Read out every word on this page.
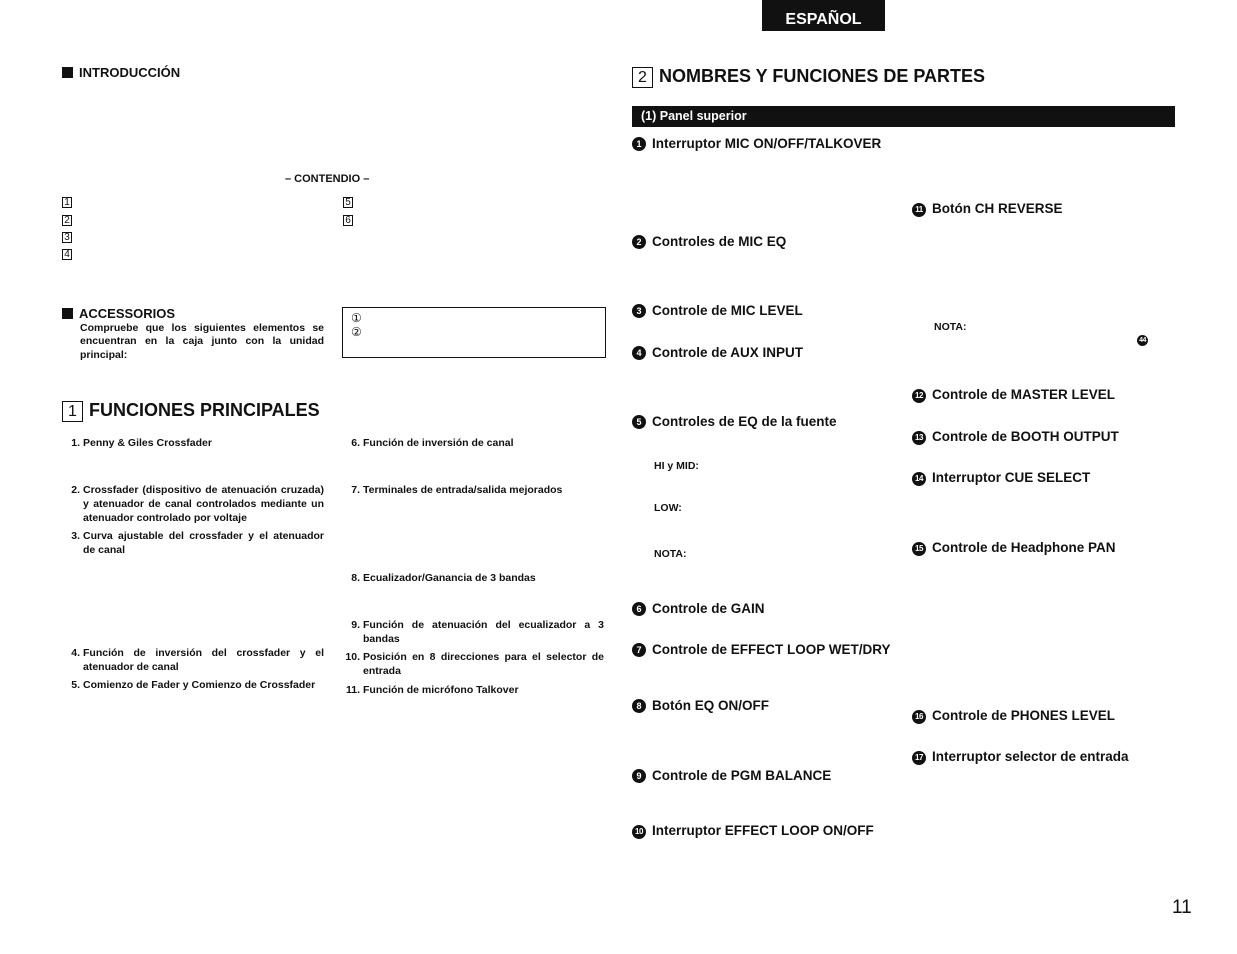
ESPAÑOL
INTRODUCCIÓN
– CONTENDIO –
1
2
3
4
5
6
ACCESSORIOS
Compruebe que los siguientes elementos se encuentran en la caja junto con la unidad principal:
①
②
1 FUNCIONES PRINCIPALES
1. Penny & Giles Crossfader
2. Crossfader (dispositivo de atenuación cruzada) y atenuador de canal controlados mediante un atenuador controlado por voltaje
3. Curva ajustable del crossfader y el atenuador de canal
4. Función de inversión del crossfader y el atenuador de canal
5. Comienzo de Fader y Comienzo de Crossfader
6. Función de inversión de canal
7. Terminales de entrada/salida mejorados
8. Ecualizador/Ganancia de 3 bandas
9. Función de atenuación del ecualizador a 3 bandas
10. Posición en 8 direcciones para el selector de entrada
11. Función de micrófono Talkover
2 NOMBRES Y FUNCIONES DE PARTES
(1) Panel superior
1 Interruptor MIC ON/OFF/TALKOVER
2 Controles de MIC EQ
3 Controle de MIC LEVEL
4 Controle de AUX INPUT
5 Controles de EQ de la fuente
HI y MID:
LOW:
NOTA:
6 Controle de GAIN
7 Controle de EFFECT LOOP WET/DRY
8 Botón EQ ON/OFF
9 Controle de PGM BALANCE
10 Interruptor EFFECT LOOP ON/OFF
11 Botón CH REVERSE
NOTA:
44
12 Controle de MASTER LEVEL
13 Controle de BOOTH OUTPUT
14 Interruptor CUE SELECT
15 Controle de Headphone PAN
16 Controle de PHONES LEVEL
17 Interruptor selector de entrada
11
